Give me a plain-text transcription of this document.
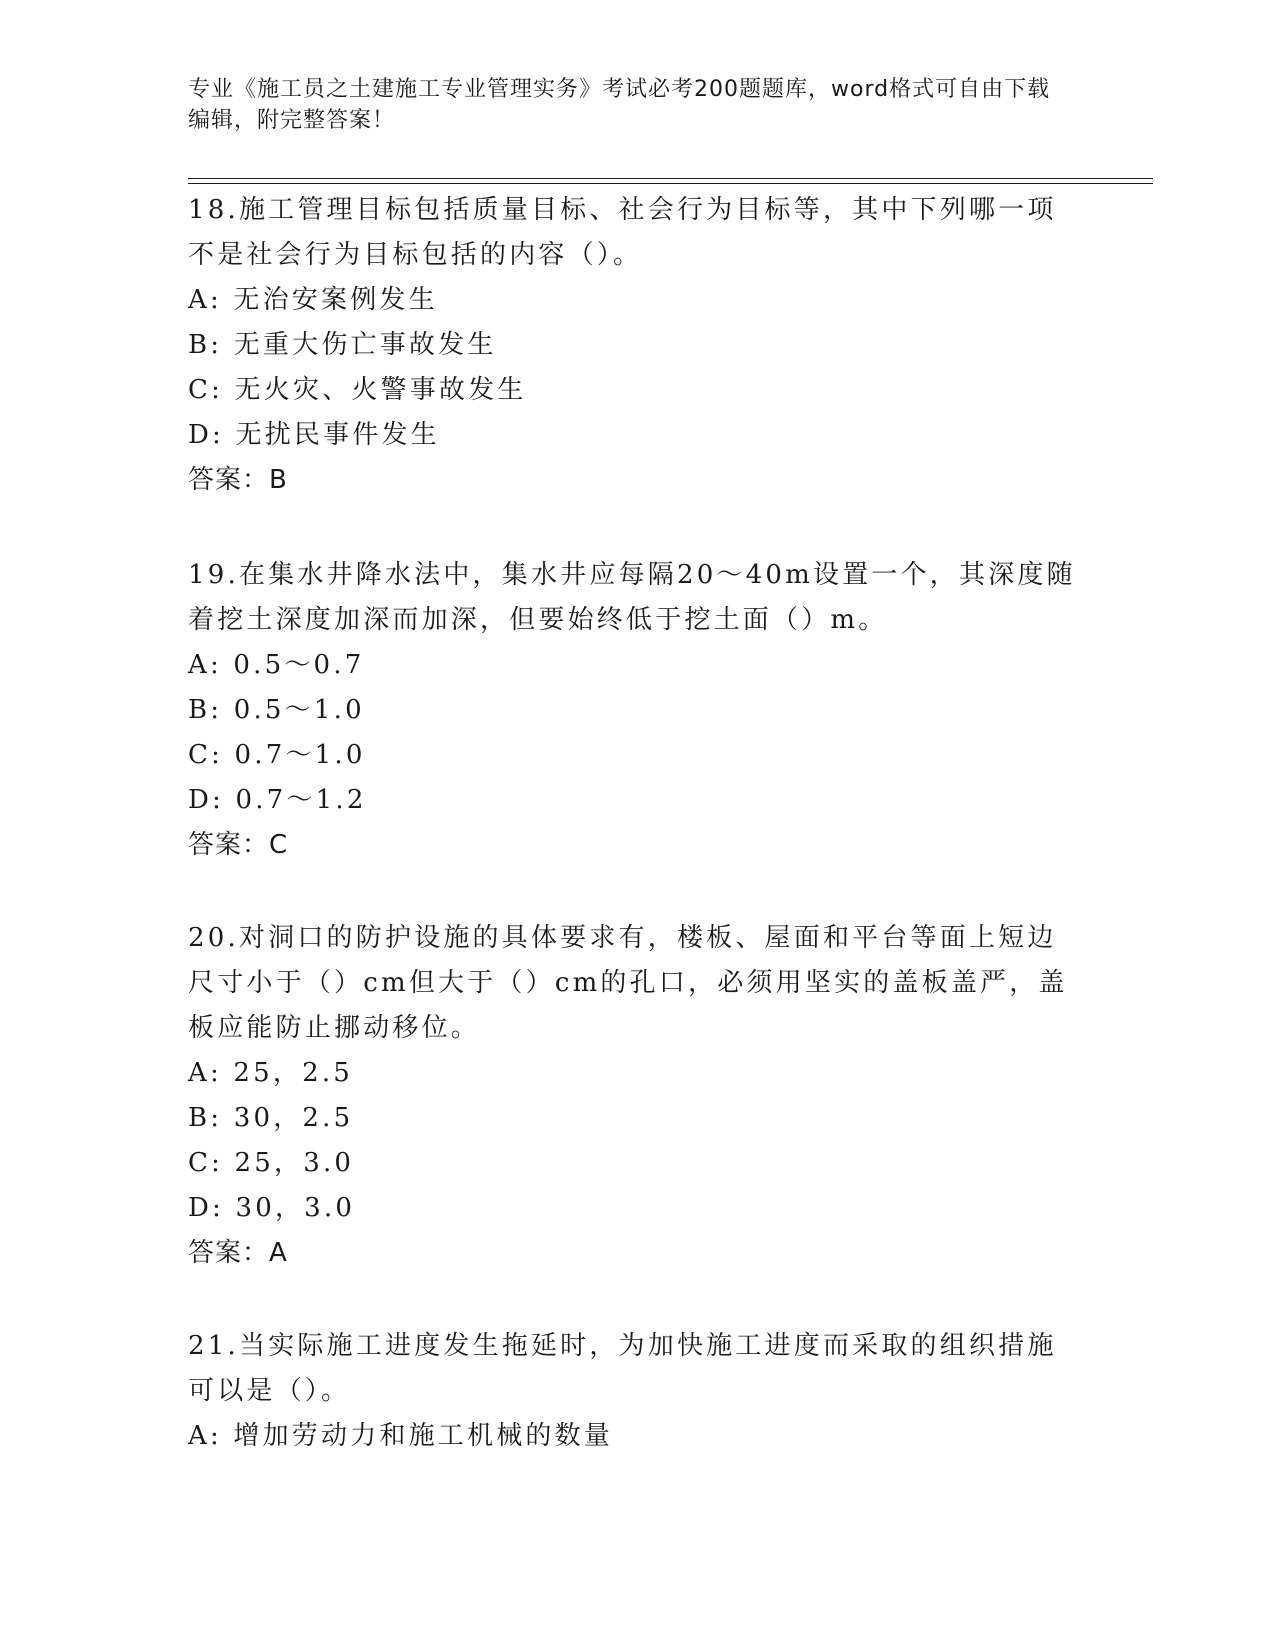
专业《施工员之土建施工专业管理实务》考试必考200题题库，word格式可自由下载编辑，附完整答案！

18.施工管理目标包括质量目标、社会行为目标等，其中下列哪一项不是社会行为目标包括的内容（）。

A: 无治安案例发生

B: 无重大伤亡事故发生

C: 无火灾、火警事故发生

D: 无扰民事件发生

答案：B

19.在集水井降水法中，集水井应每隔20～40m设置一个，其深度随着挖土深度加深而加深，但要始终低于挖土面（）m。

A: 0.5～0.7

B: 0.5～1.0

C: 0.7～1.0

D: 0.7～1.2

答案：C

20.对洞口的防护设施的具体要求有，楼板、屋面和平台等面上短边尺寸小于（）cm但大于（）cm的孔口，必须用坚实的盖板盖严，盖板应能防止挪动移位。

A: 25，2.5

B: 30，2.5

C: 25，3.0

D: 30，3.0

答案：A

21.当实际施工进度发生拖延时，为加快施工进度而采取的组织措施可以是（）。

A: 增加劳动力和施工机械的数量
